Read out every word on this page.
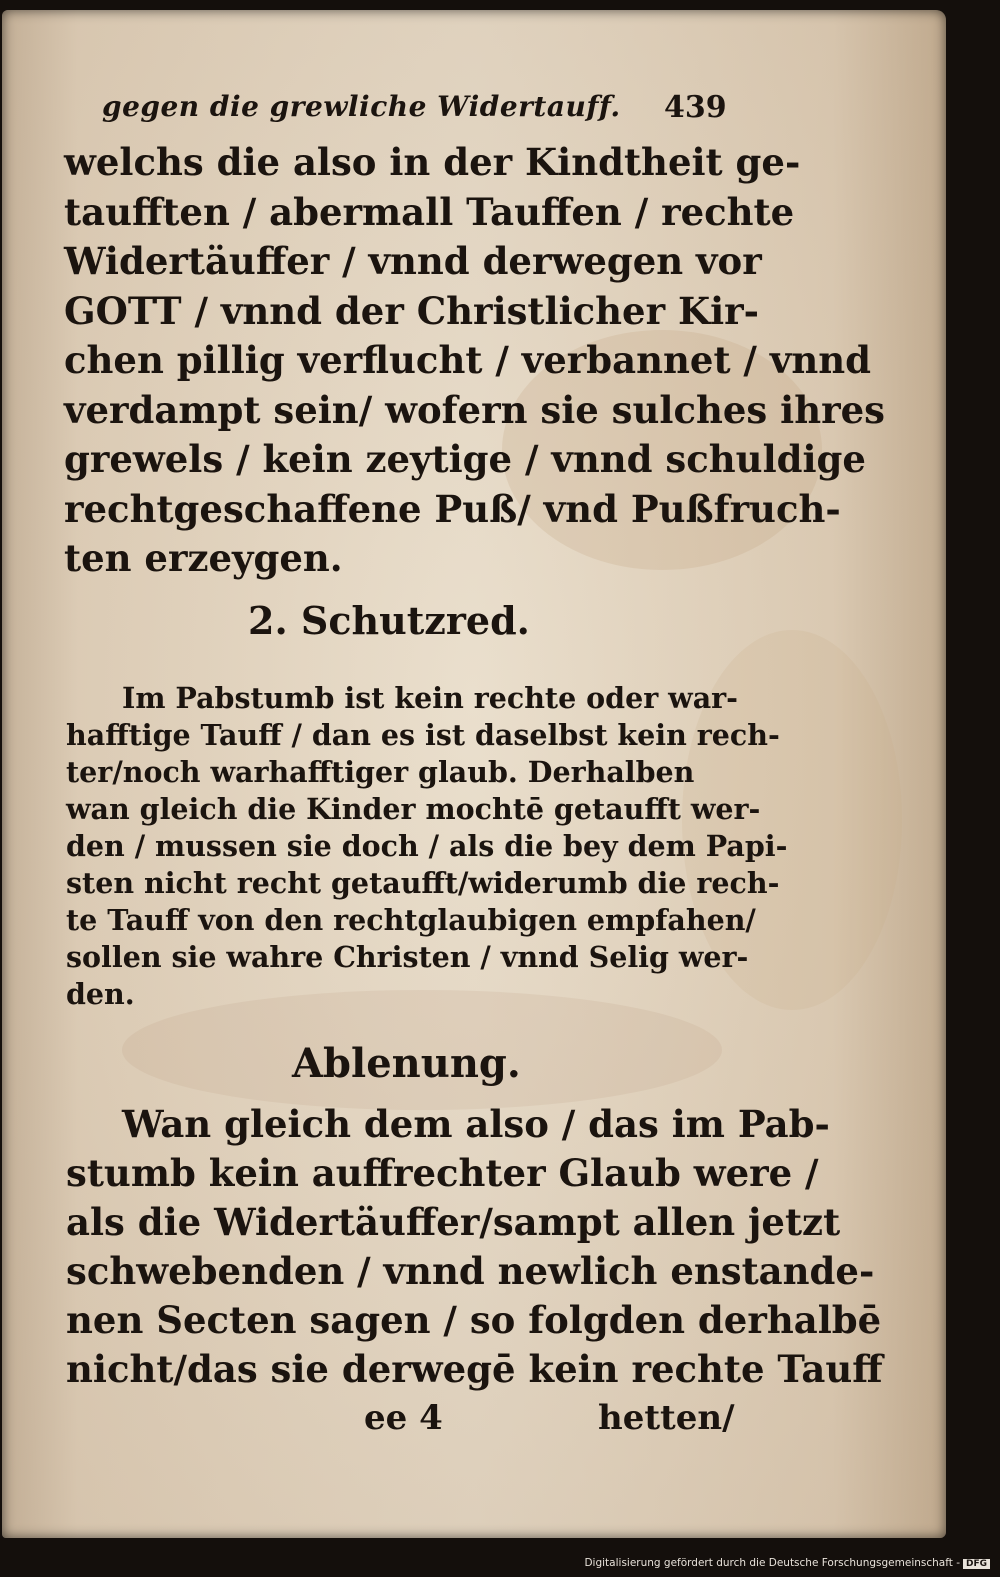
gegen die grewliche Widertauff. 439
welchs die also in der Kindtheit ge-
taufften / abermall Tauffen / rechte
Widertäuffer / vnnd derwegen vor
GOTT / vnnd der Christlicher Kir-
chen pillig verflucht / verbannet / vnnd
verdampt sein/ wofern sie sulches ihres
grewels / kein zeytige / vnnd schuldige
rechtgeschaffene Puß/ vnd Pußfruch-
ten erzeygen.
2. Schutzred.
Im Pabstumb ist kein rechte oder war-
hafftige Tauff / dan es ist daselbst kein rech-
ter/noch warhafftiger glaub. Derhalben
wan gleich die Kinder mochtē getaufft wer-
den / mussen sie doch / als die bey dem Papi-
sten nicht recht getaufft/widerumb die rech-
te Tauff von den rechtglaubigen empfahen/
sollen sie wahre Christen / vnnd Selig wer-
den.
Ablenung.
Wan gleich dem also / das im Pab-
stumb kein auffrechter Glaub were /
als die Widertäuffer/sampt allen jetzt
schwebenden / vnnd newlich enstande-
nen Secten sagen / so folgden derhalbē
nicht/das sie derwegē kein rechte Tauff
ee 4	hetten/
Digitalisierung gefördert durch die Deutsche Forschungsgemeinschaft - DFG
